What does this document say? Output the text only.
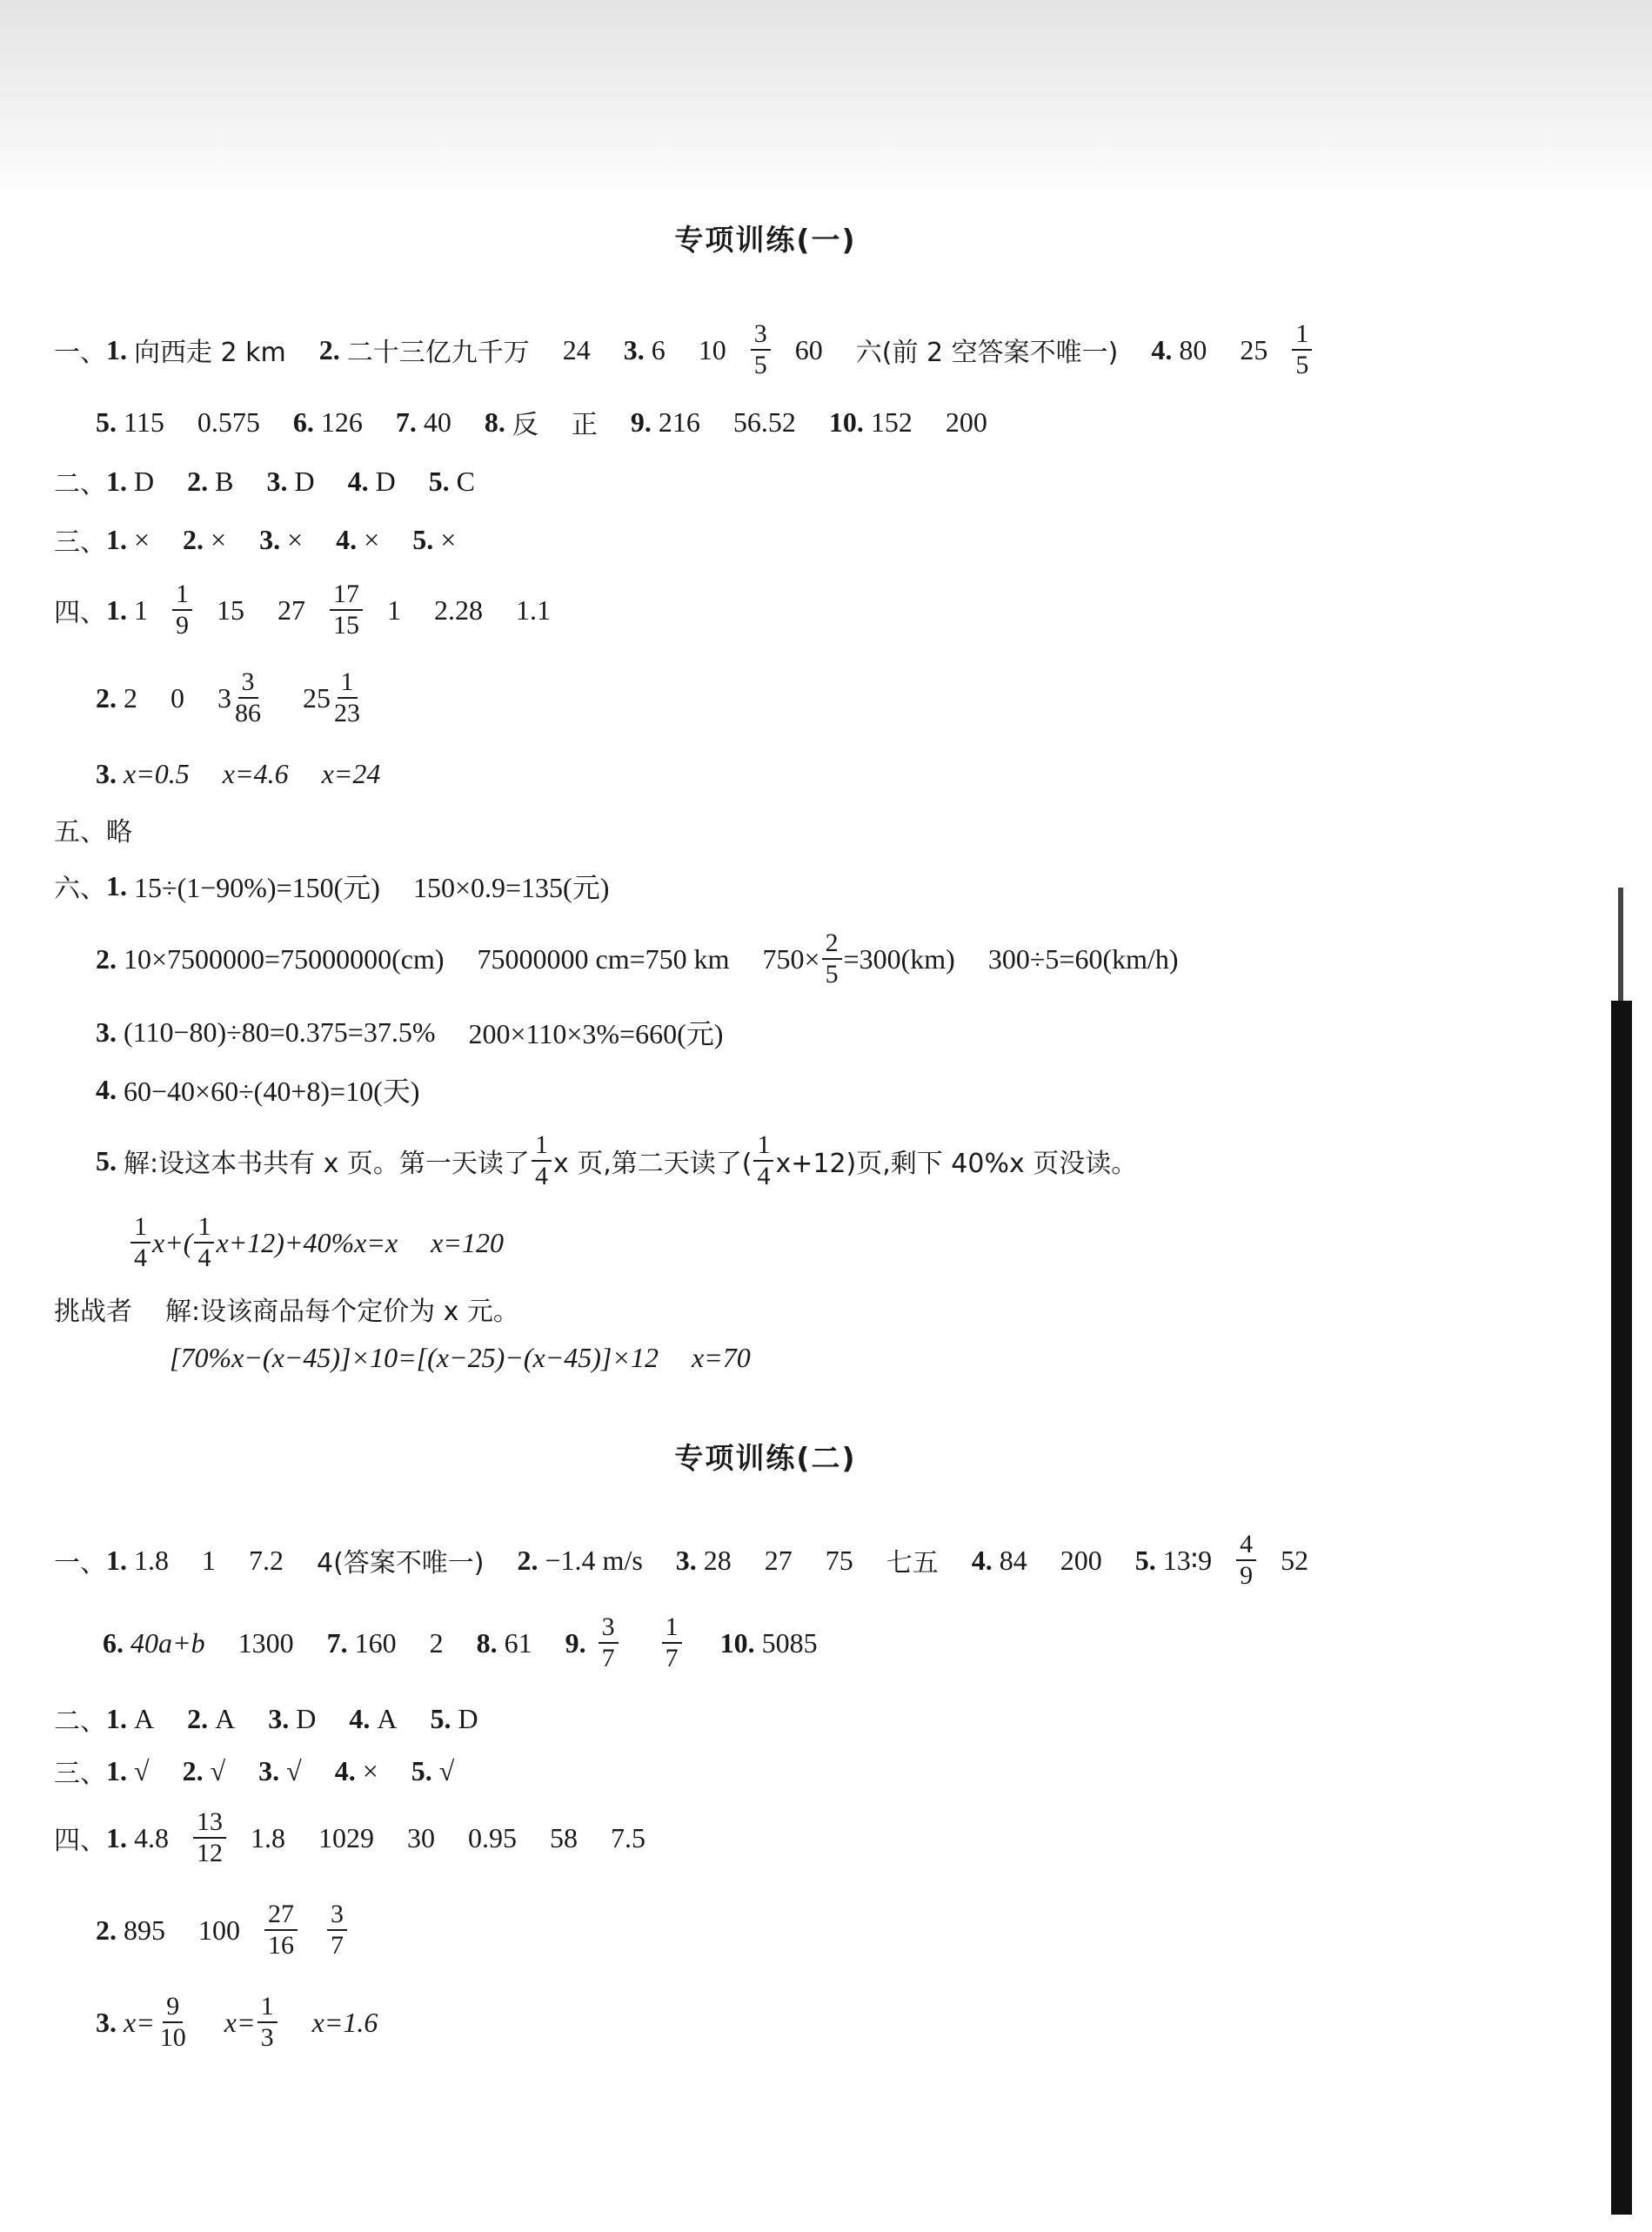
专项训练(一)
一、 1. 向西走 2 km 2. 二十三亿九千万 24 3. 6 $10 \frac{3}{5} 60$ 六(前 2 空答案不唯一) 4. 80 $25 \frac{1}{5}$
5. 115 0.575 6. 126 7. 40 8. 反 正 9. 216 56.52 10. 152 200
二、 1. D 2. B 3. D 4. D 5. C
三、 1. × 2. × 3. × 4. × 5. ×
四、 1. $1 \frac{1}{9} 15$ $27 \frac{17}{15} 1$ 2.28 1.1
2. 2 0 $3 \frac{3}{86} 25 \frac{1}{23}$
3. x=0.5 x=4.6 x=24
五、 略
六、 1. 15÷(1−90%)=150(元) 150×0.9=135(元)
2. 10×7500000=75000000(cm) 75000000 cm=750 km $750\times \frac{2}{5} =300(km)$ 300÷5=60(km/h)
3. (110−80)÷80=0.375=37.5% 200×110×3%=660(元)
4. 60−40×60÷(40+8)=10(天)
5. 解:设这本书共有 x 页。第一天读了 $\frac{1}{4}$ x 页,第二天读了( $\frac{1}{4} x+12$)页,剩下 40%x 页没读。
$\frac{1}{4} x+( \frac{1}{4} x+12)+40\%x=x$ x=120
挑战者 解:设该商品每个定价为 x 元。
[70%x−(x−45)]×10=[(x−25)−(x−45)]×12 x=70
专项训练(二)
一、 1. 1.8 1 7.2 4(答案不唯一) 2. −1.4 m/s 3. 28 27 75 七五 4. 84 200 5. 13∶9 $\frac{4}{9} 52$
6. 40a+b 1300 7. 160 2 8. 61 9. $\frac{3}{7} \frac{1}{7} 10$. 5085
二、 1. A 2. A 3. D 4. A 5. D
三、 1. √ 2. √ 3. √ 4. × 5. √
四、 1. $4.8 \frac{13}{12} 1.8$ 1029 30 0.95 58 7.5
2. 895 $100 \frac{27}{16} \frac{3}{7}$
3. $x= \frac{9}{10} x= \frac{1}{3} x=1.6$
